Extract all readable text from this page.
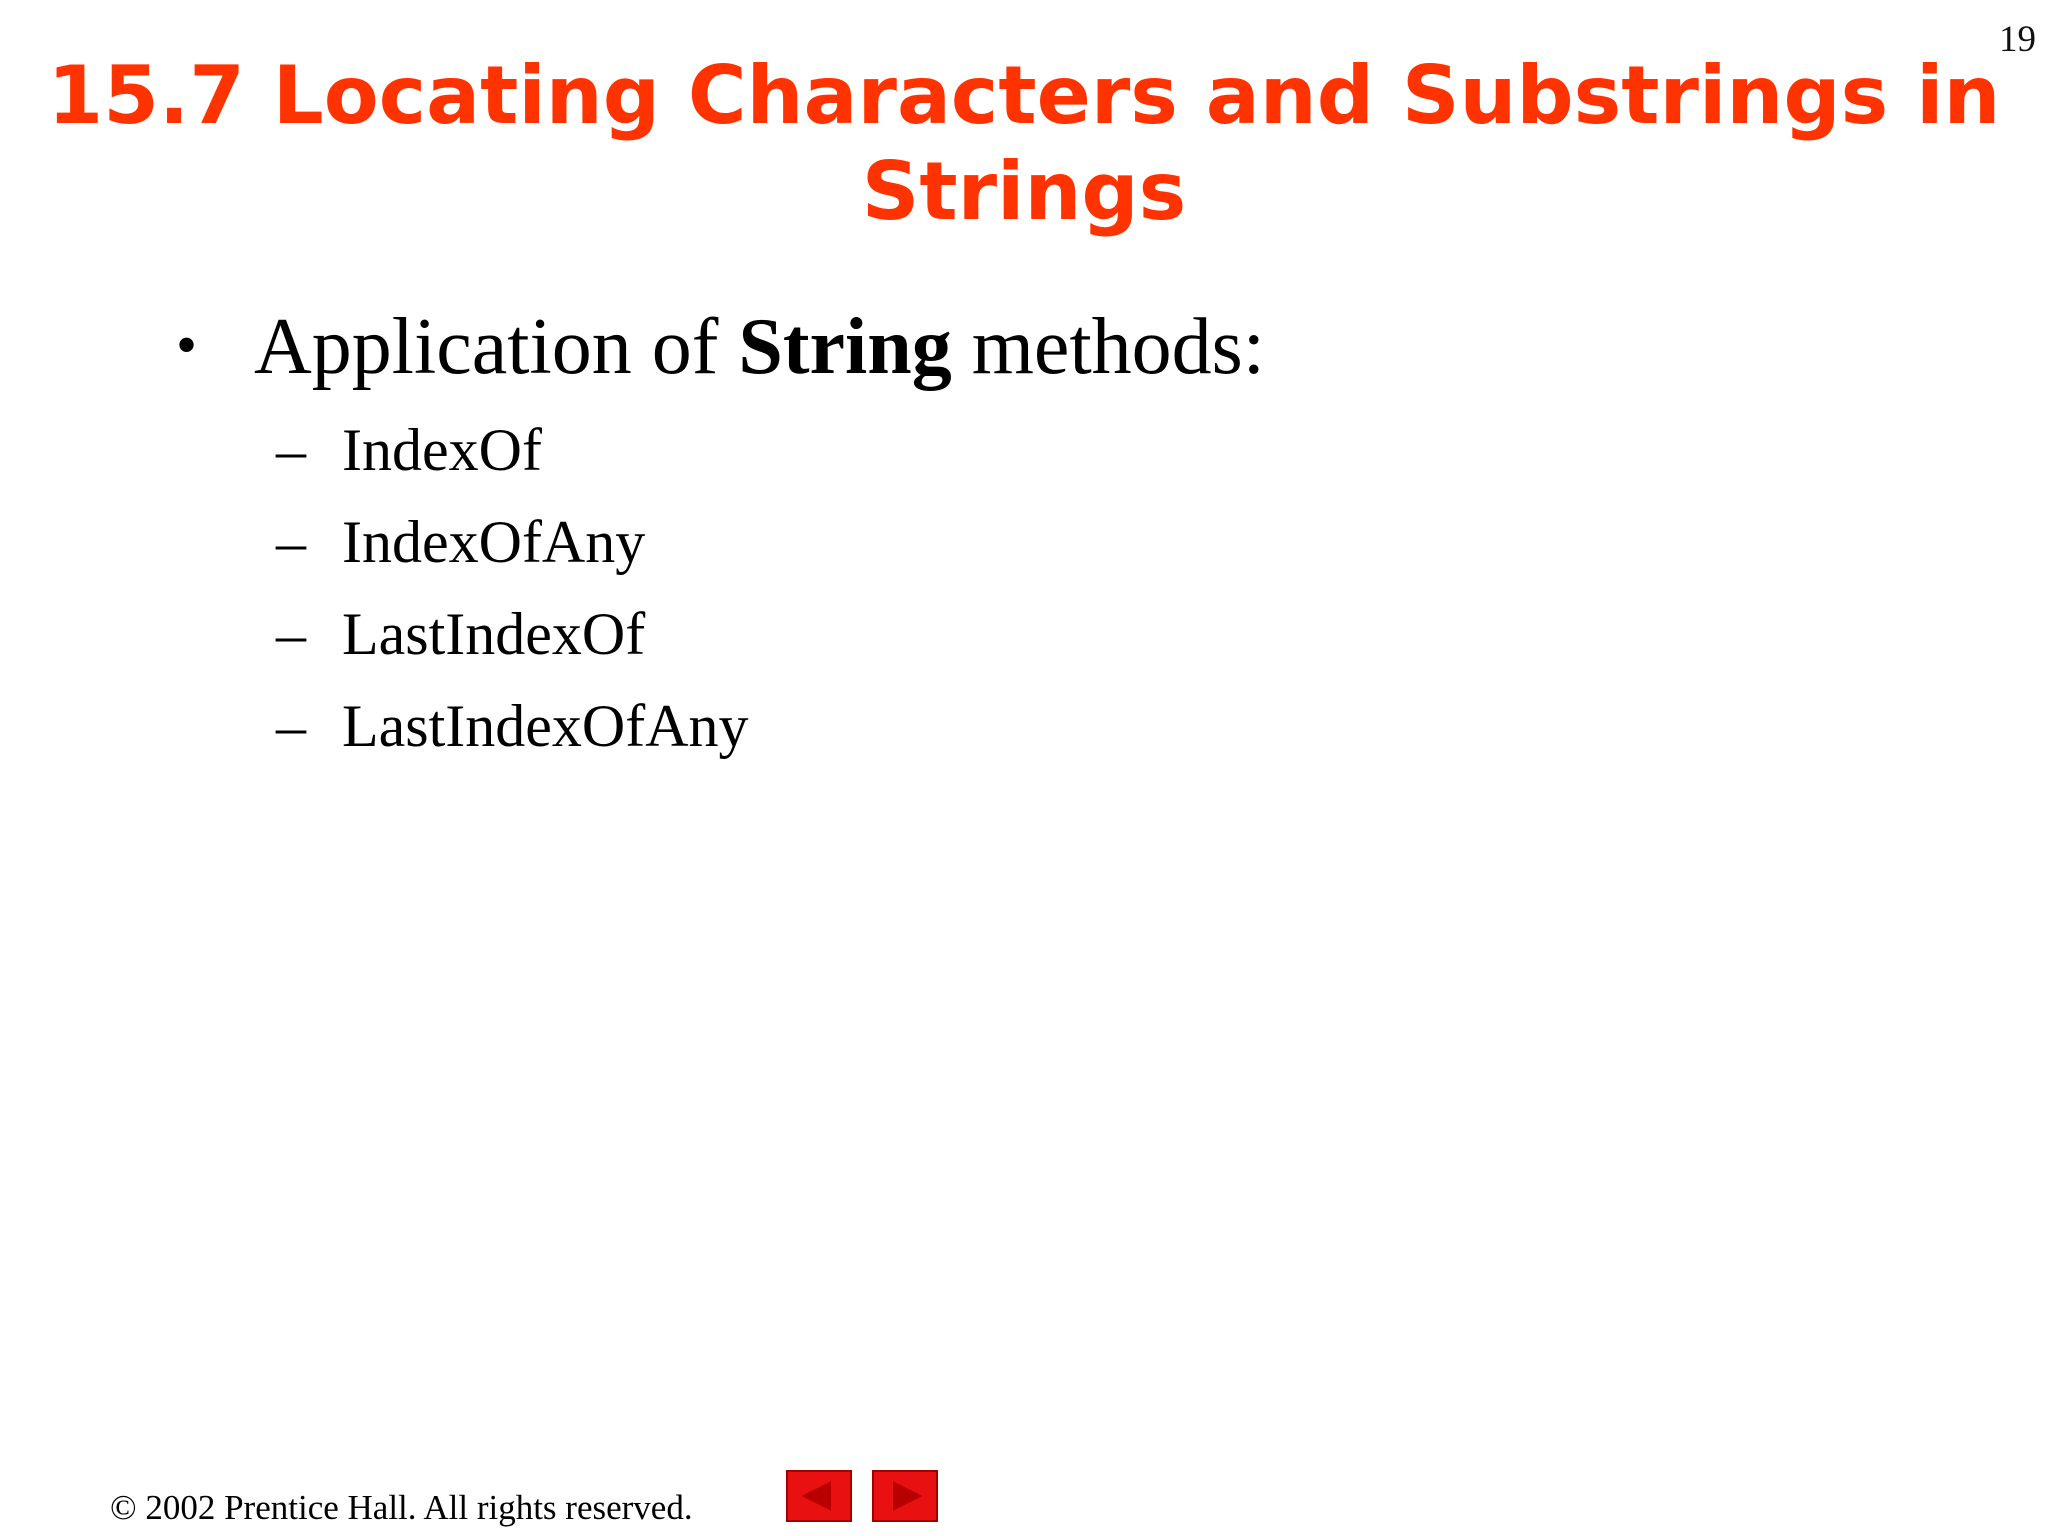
19
15.7 Locating Characters and Substrings in
Strings
• Application of String methods:
– IndexOf
– IndexOfAny
– LastIndexOf
– LastIndexOfAny
© 2002 Prentice Hall. All rights reserved.
